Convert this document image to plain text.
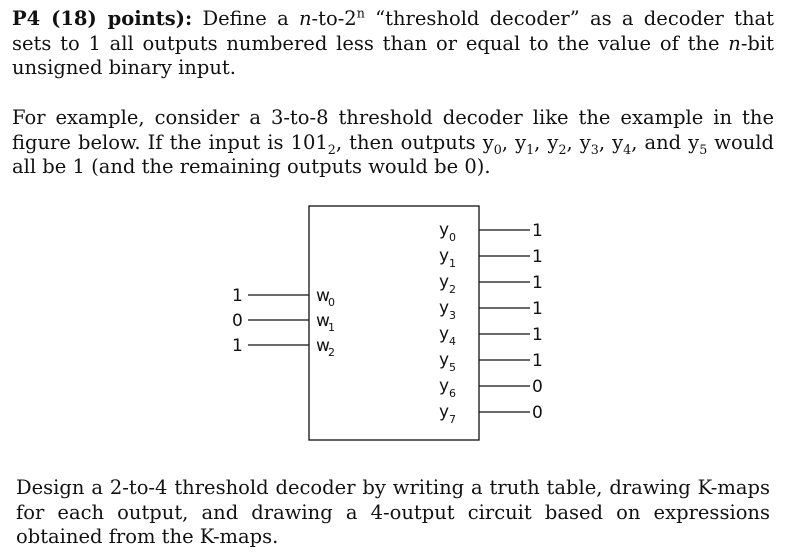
P4 (18) points): Define a n-to-2$^n$ “threshold decoder” as a decoder that sets to 1 all outputs numbered less than or equal to the value of the n-bit unsigned binary input.

For example, consider a 3-to-8 threshold decoder like the example in the figure below. If the input is $101_2$, then outputs $y_0$, $y_1$, $y_2$, $y_3$, $y_4$, and $y_5$ would all be 1 (and the remaining outputs would be 0).

1	w
0
0	w
1
1	w
2
y 0	1
y 1	1
y 2	1
y 3	1
y 4	1
y 5	1
y 6	0
y 7	0

Design a 2-to-4 threshold decoder by writing a truth table, drawing K-maps for each output, and drawing a 4-output circuit based on expressions obtained from the K-maps.
